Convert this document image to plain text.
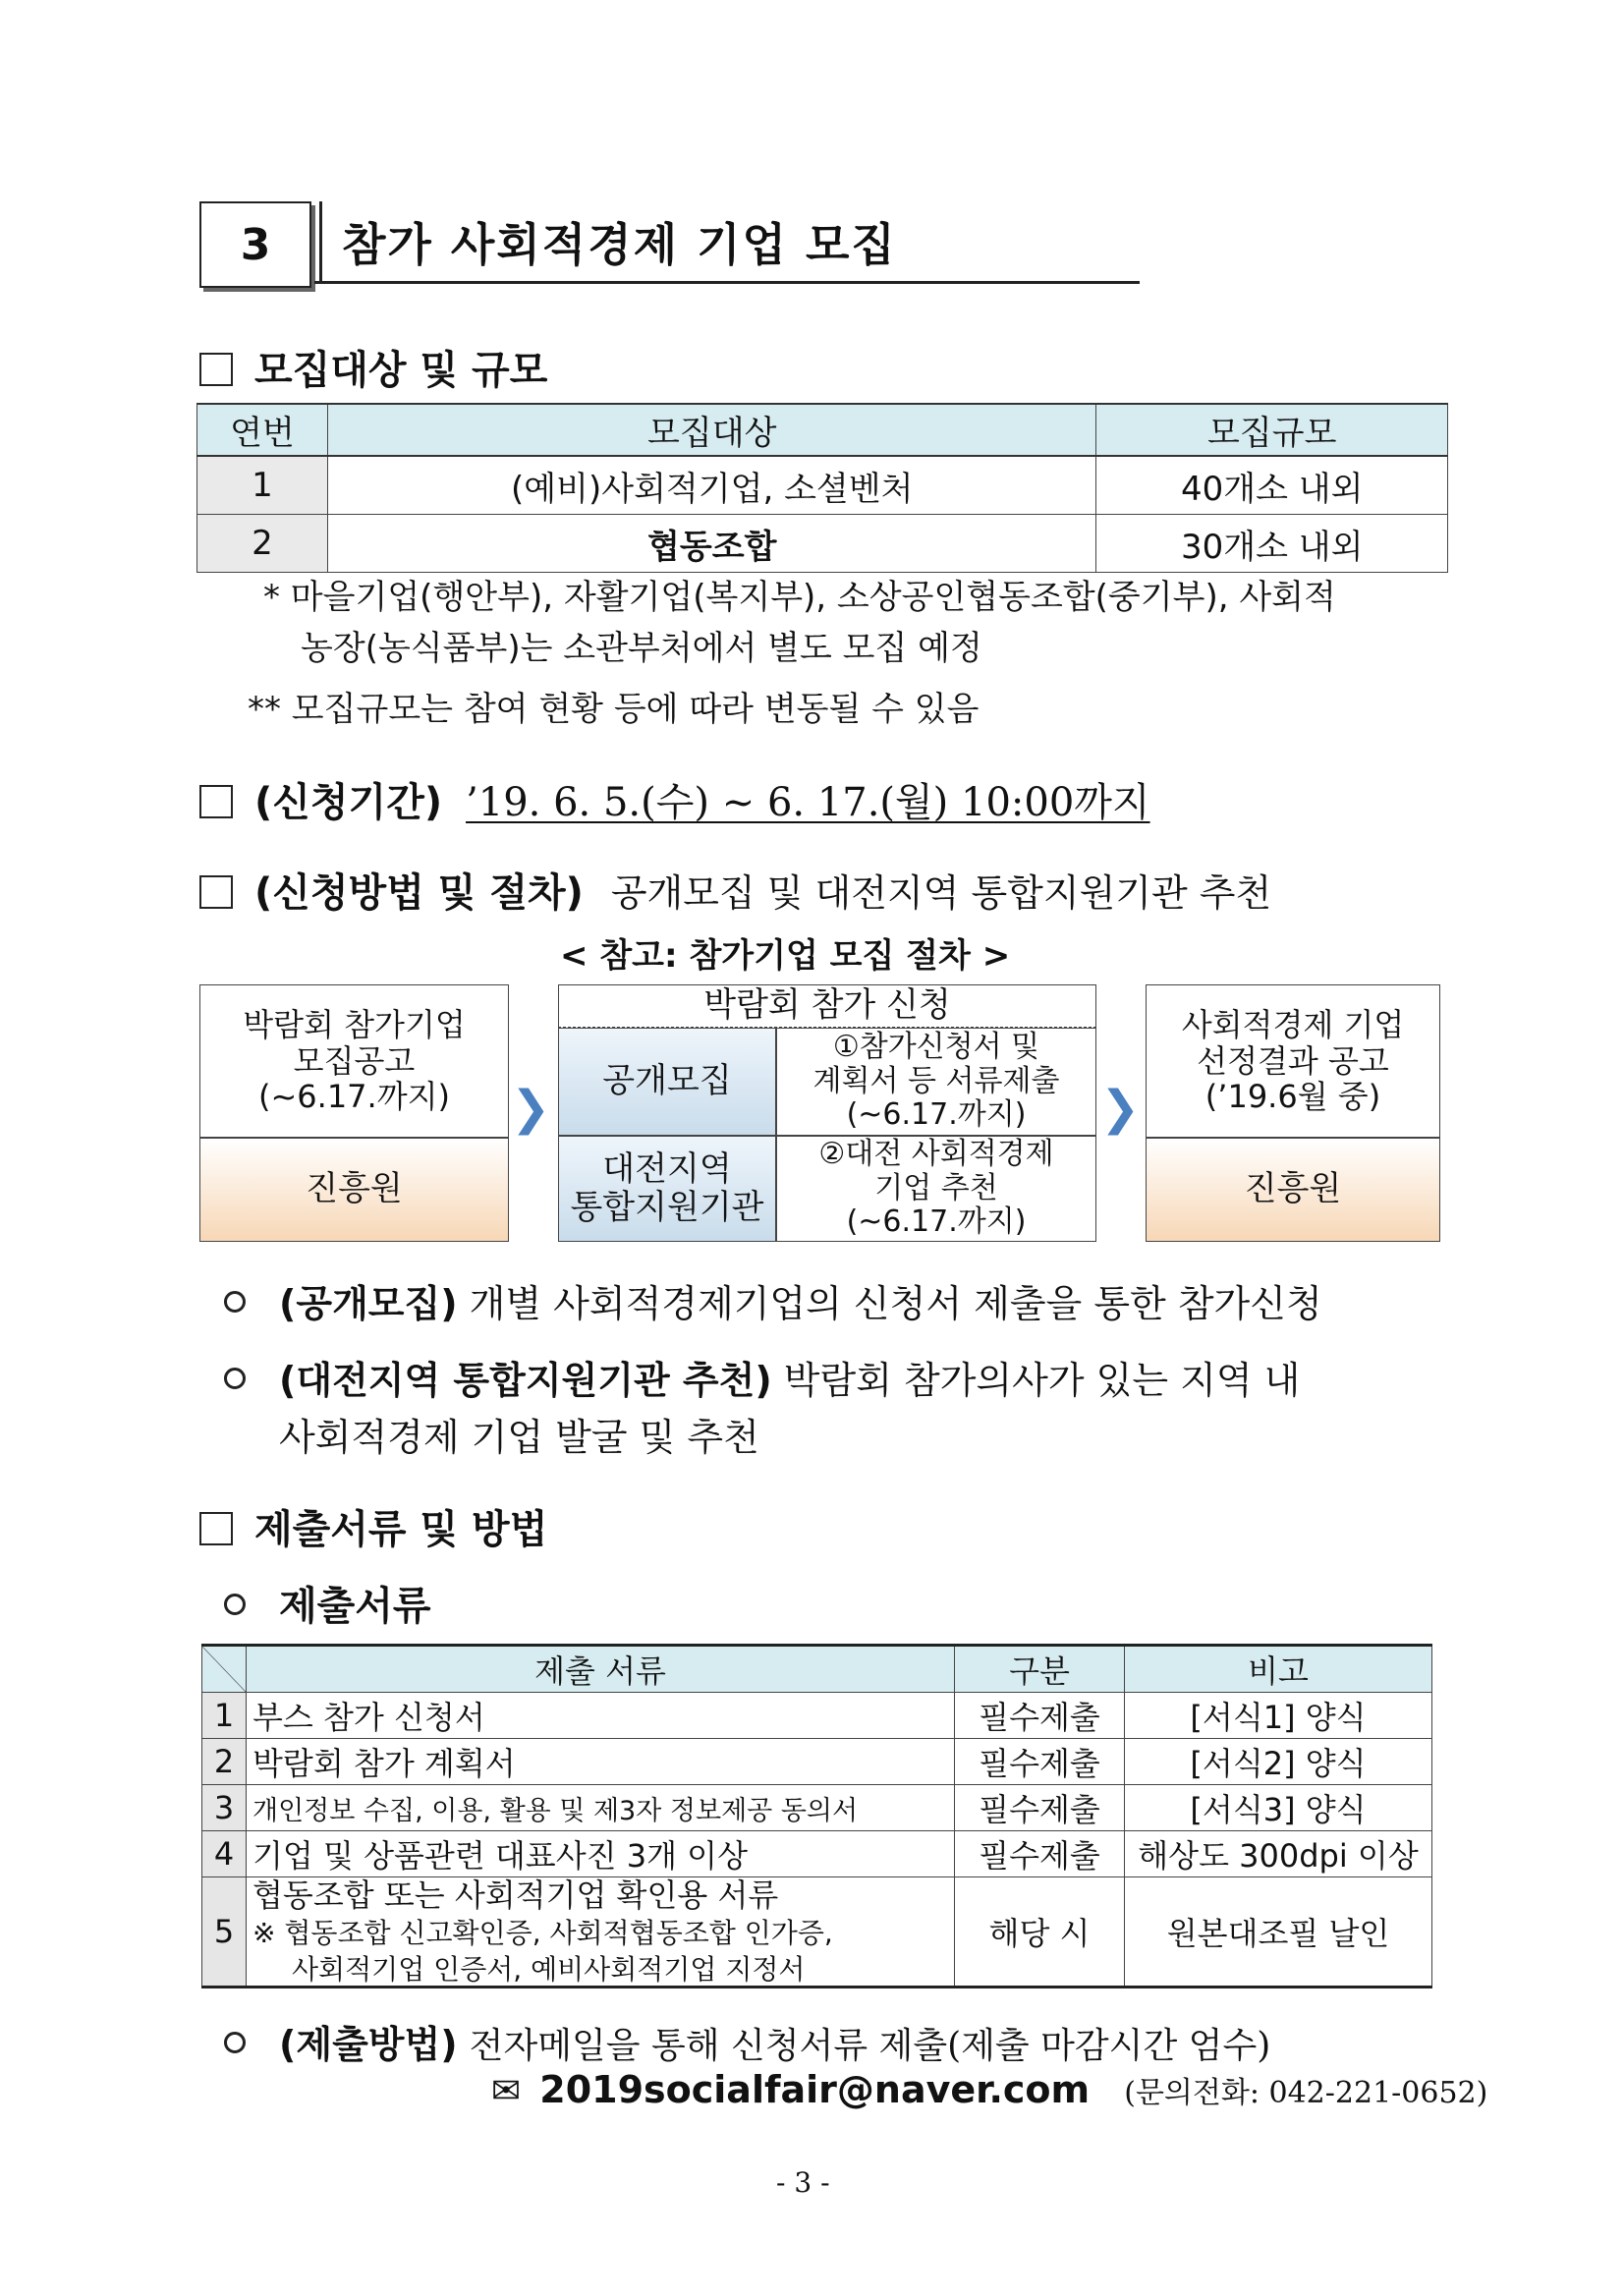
3 참가 사회적경제 기업 모집
모집대상 및 규모
연번	모집대상	모집규모
1	(예비)사회적기업, 소셜벤처	40개소 내외
2	협동조합	30개소 내외
* 마을기업(행안부), 자활기업(복지부), 소상공인협동조합(중기부), 사회적
농장(농식품부)는 소관부처에서 별도 모집 예정
** 모집규모는 참여 현황 등에 따라 변동될 수 있음
(신청기간) ’19. 6. 5.(수) ~ 6. 17.(월) 10:00까지
(신청방법 및 절차) 공개모집 및 대전지역 통합지원기관 추천
< 참고: 참가기업 모집 절차 >
박람회 참가기업
모집공고
(~6.17.까지)
진흥원
❯
박람회 참가 신청
공개모집
①참가신청서 및
계획서 등 서류제출
(~6.17.까지)
대전지역
통합지원기관
②대전 사회적경제
기업 추천
(~6.17.까지)
❯
사회적경제 기업
선정결과 공고
(’19.6월 중)
진흥원
(공개모집) 개별 사회적경제기업의 신청서 제출을 통한 참가신청
(대전지역 통합지원기관 추천) 박람회 참가의사가 있는 지역 내
사회적경제 기업 발굴 및 추천
제출서류 및 방법
제출서류
	제출 서류	구분	비고
1	부스 참가 신청서	필수제출	[서식1] 양식
2	박람회 참가 계획서	필수제출	[서식2] 양식
3	개인정보 수집, 이용, 활용 및 제3자 정보제공 동의서	필수제출	[서식3] 양식
4	기업 및 상품관련 대표사진 3개 이상	필수제출	해상도 300dpi 이상
5	협동조합 또는 사회적기업 확인용 서류
※ 협동조합 신고확인증, 사회적협동조합 인가증,
사회적기업 인증서, 예비사회적기업 지정서	해당 시	원본대조필 날인
(제출방법) 전자메일을 통해 신청서류 제출(제출 마감시간 엄수)
✉ 2019socialfair@naver.com (문의전화: 042-221-0652)
- 3 -
